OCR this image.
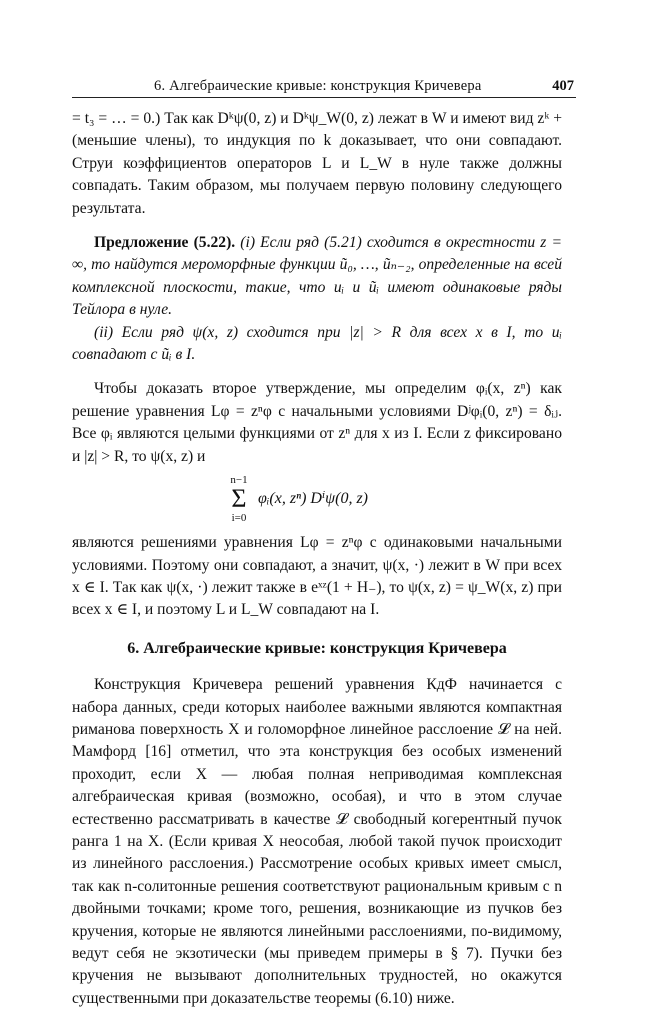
6. Алгебраические кривые: конструкция Кричевера	407

= t₃ = … = 0.) Так как Dᵏψ(0, z) и Dᵏψ_W(0, z) лежат в W и имеют вид zᵏ + (меньшие члены), то индукция по k доказывает, что они совпадают. Струи коэффициентов операторов L и L_W в нуле также должны совпадать. Таким образом, мы получаем первую половину следующего результата.

Предложение (5.22). (i) Если ряд (5.21) сходится в окрестности z = ∞, то найдутся мероморфные функции ũ₀, …, ũₙ₋₂, определенные на всей комплексной плоскости, такие, что uᵢ и ũᵢ имеют одинаковые ряды Тейлора в нуле.

(ii) Если ряд ψ(x, z) сходится при |z| > R для всех x в I, то uᵢ совпадают с ũᵢ в I.

Чтобы доказать второе утверждение, мы определим φᵢ(x, zⁿ) как решение уравнения Lφ = zⁿφ с начальными условиями Dʲφᵢ(0, zⁿ) = δᵢⱼ. Все φᵢ являются целыми функциями от zⁿ для x из I. Если z фиксировано и |z| > R, то ψ(x, z) и

n−1
Σ
i=0
φᵢ(x, zⁿ) Dⁱψ(0, z)

являются решениями уравнения Lφ = zⁿφ с одинаковыми начальными условиями. Поэтому они совпадают, а значит, ψ(x, ·) лежит в W при всех x ∈ I. Так как ψ(x, ·) лежит также в eˣᶻ(1 + H₋), то ψ(x, z) = ψ_W(x, z) при всех x ∈ I, и поэтому L и L_W совпадают на I.

6. Алгебраические кривые: конструкция Кричевера

Конструкция Кричевера решений уравнения КдФ начинается с набора данных, среди которых наиболее важными являются компактная риманова поверхность X и голоморфное линейное расслоение 𝓛 на ней. Мамфорд [16] отметил, что эта конструкция без особых изменений проходит, если X — любая полная неприводимая комплексная алгебраическая кривая (возможно, особая), и что в этом случае естественно рассматривать в качестве 𝓛 свободный когерентный пучок ранга 1 на X. (Если кривая X неособая, любой такой пучок происходит из линейного расслоения.) Рассмотрение особых кривых имеет смысл, так как n-солитонные решения соответствуют рациональным кривым с n двойными точками; кроме того, решения, возникающие из пучков без кручения, которые не являются линейными расслоениями, по-видимому, ведут себя не экзотически (мы приведем примеры в § 7). Пучки без кручения не вызывают дополнительных трудностей, но окажутся существенными при доказательстве теоремы (6.10) ниже.
